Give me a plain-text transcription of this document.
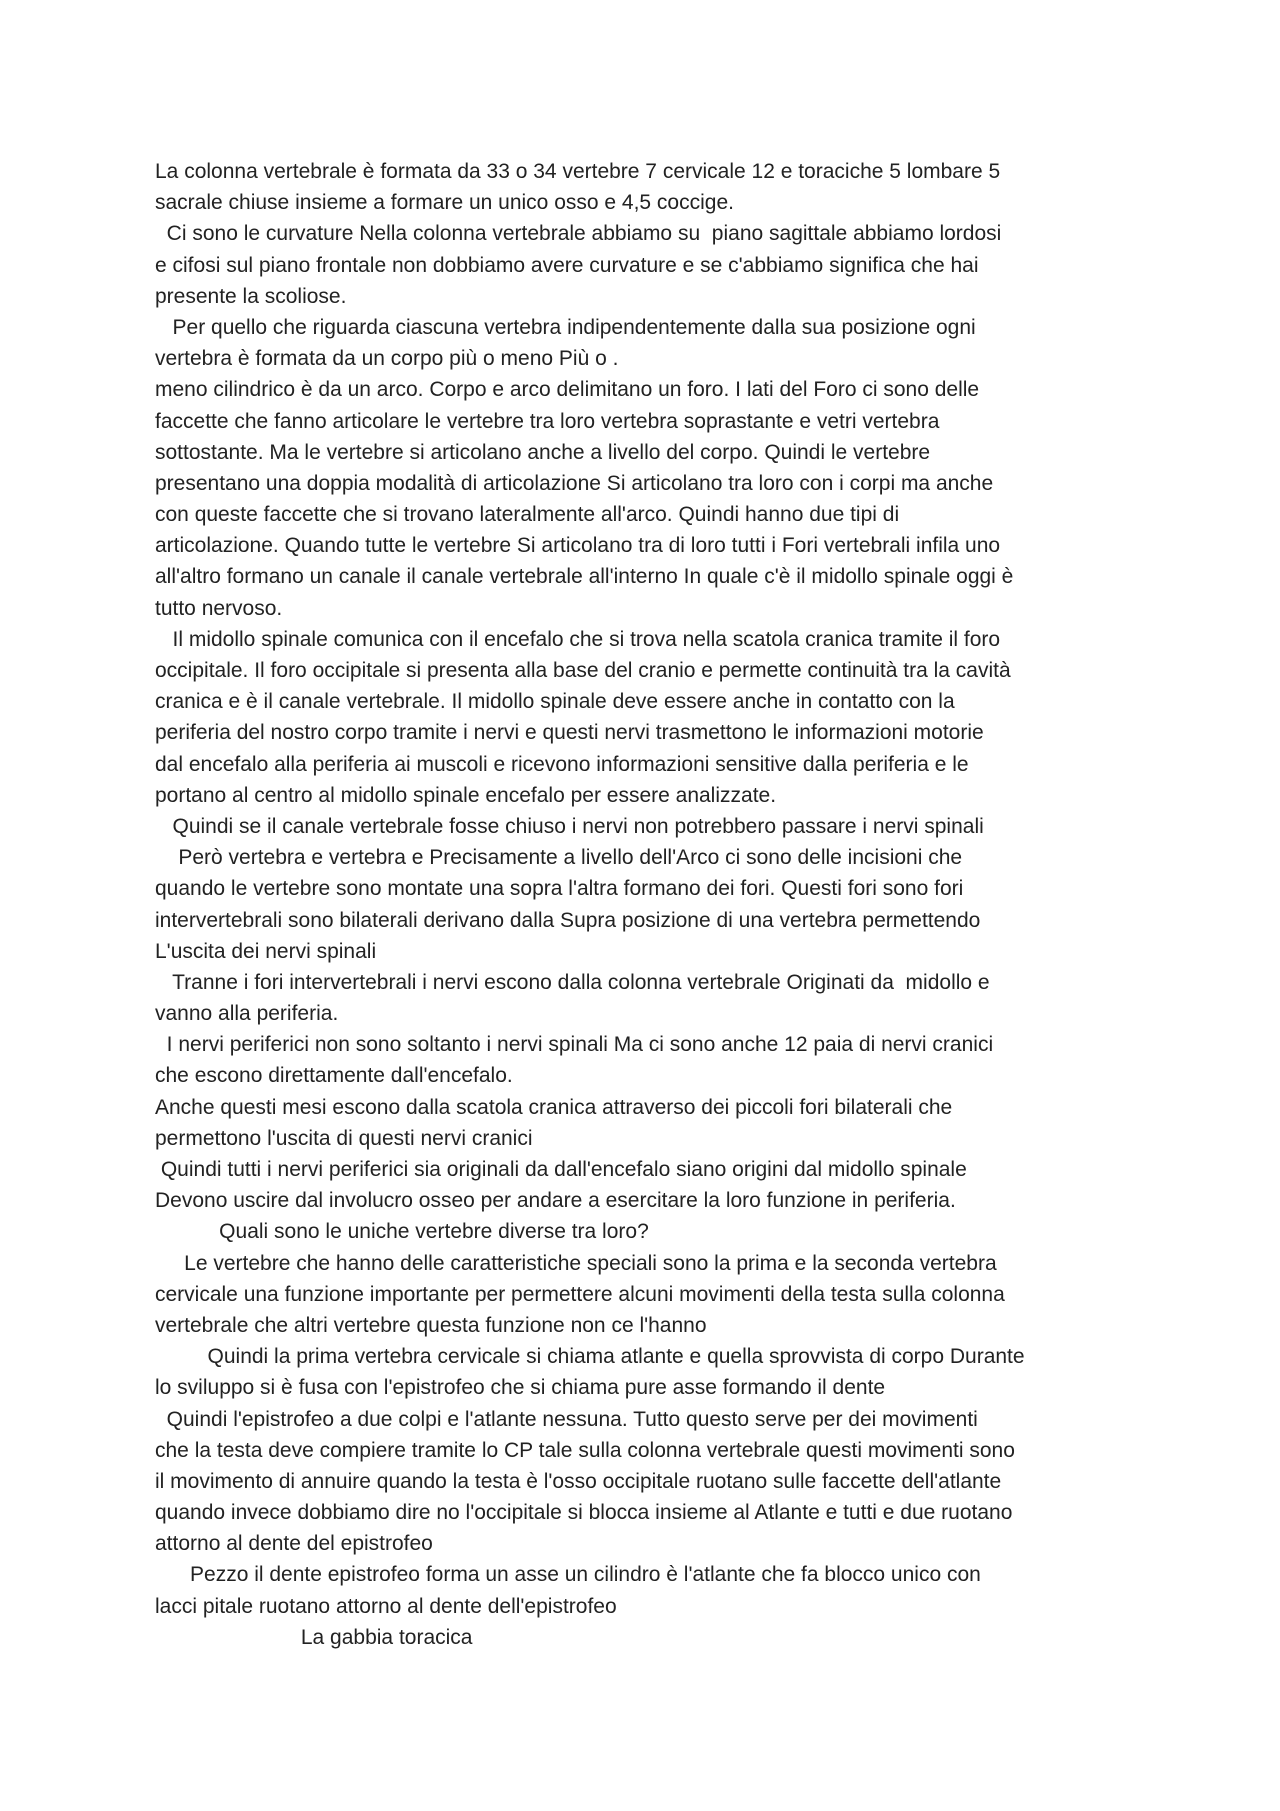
La colonna vertebrale è formata da 33 o 34 vertebre 7 cervicale 12 e toraciche 5 lombare 5
sacrale chiuse insieme a formare un unico osso e 4,5 coccige.
Ci sono le curvature Nella colonna vertebrale abbiamo su  piano sagittale abbiamo lordosi
e cifosi sul piano frontale non dobbiamo avere curvature e se c'abbiamo significa che hai
presente la scoliose.
Per quello che riguarda ciascuna vertebra indipendentemente dalla sua posizione ogni
vertebra è formata da un corpo più o meno Più o .
meno cilindrico è da un arco. Corpo e arco delimitano un foro. I lati del Foro ci sono delle
faccette che fanno articolare le vertebre tra loro vertebra soprastante e vetri vertebra
sottostante. Ma le vertebre si articolano anche a livello del corpo. Quindi le vertebre
presentano una doppia modalità di articolazione Si articolano tra loro con i corpi ma anche
con queste faccette che si trovano lateralmente all'arco. Quindi hanno due tipi di
articolazione. Quando tutte le vertebre Si articolano tra di loro tutti i Fori vertebrali infila uno
all'altro formano un canale il canale vertebrale all'interno In quale c'è il midollo spinale oggi è
tutto nervoso.
Il midollo spinale comunica con il encefalo che si trova nella scatola cranica tramite il foro
occipitale. Il foro occipitale si presenta alla base del cranio e permette continuità tra la cavità
cranica e è il canale vertebrale. Il midollo spinale deve essere anche in contatto con la
periferia del nostro corpo tramite i nervi e questi nervi trasmettono le informazioni motorie
dal encefalo alla periferia ai muscoli e ricevono informazioni sensitive dalla periferia e le
portano al centro al midollo spinale encefalo per essere analizzate.
Quindi se il canale vertebrale fosse chiuso i nervi non potrebbero passare i nervi spinali
Però vertebra e vertebra e Precisamente a livello dell'Arco ci sono delle incisioni che
quando le vertebre sono montate una sopra l'altra formano dei fori. Questi fori sono fori
intervertebrali sono bilaterali derivano dalla Supra posizione di una vertebra permettendo
L'uscita dei nervi spinali
Tranne i fori intervertebrali i nervi escono dalla colonna vertebrale Originati da  midollo e
vanno alla periferia.
I nervi periferici non sono soltanto i nervi spinali Ma ci sono anche 12 paia di nervi cranici
che escono direttamente dall'encefalo.
Anche questi mesi escono dalla scatola cranica attraverso dei piccoli fori bilaterali che
permettono l'uscita di questi nervi cranici
Quindi tutti i nervi periferici sia originali da dall'encefalo siano origini dal midollo spinale
Devono uscire dal involucro osseo per andare a esercitare la loro funzione in periferia.
Quali sono le uniche vertebre diverse tra loro?
Le vertebre che hanno delle caratteristiche speciali sono la prima e la seconda vertebra
cervicale una funzione importante per permettere alcuni movimenti della testa sulla colonna
vertebrale che altri vertebre questa funzione non ce l'hanno
Quindi la prima vertebra cervicale si chiama atlante e quella sprovvista di corpo Durante
lo sviluppo si è fusa con l'epistrofeo che si chiama pure asse formando il dente
Quindi l'epistrofeo a due colpi e l'atlante nessuna. Tutto questo serve per dei movimenti
che la testa deve compiere tramite lo CP tale sulla colonna vertebrale questi movimenti sono
il movimento di annuire quando la testa è l'osso occipitale ruotano sulle faccette dell'atlante
quando invece dobbiamo dire no l'occipitale si blocca insieme al Atlante e tutti e due ruotano
attorno al dente del epistrofeo
Pezzo il dente epistrofeo forma un asse un cilindro è l'atlante che fa blocco unico con
lacci pitale ruotano attorno al dente dell'epistrofeo
La gabbia toracica
